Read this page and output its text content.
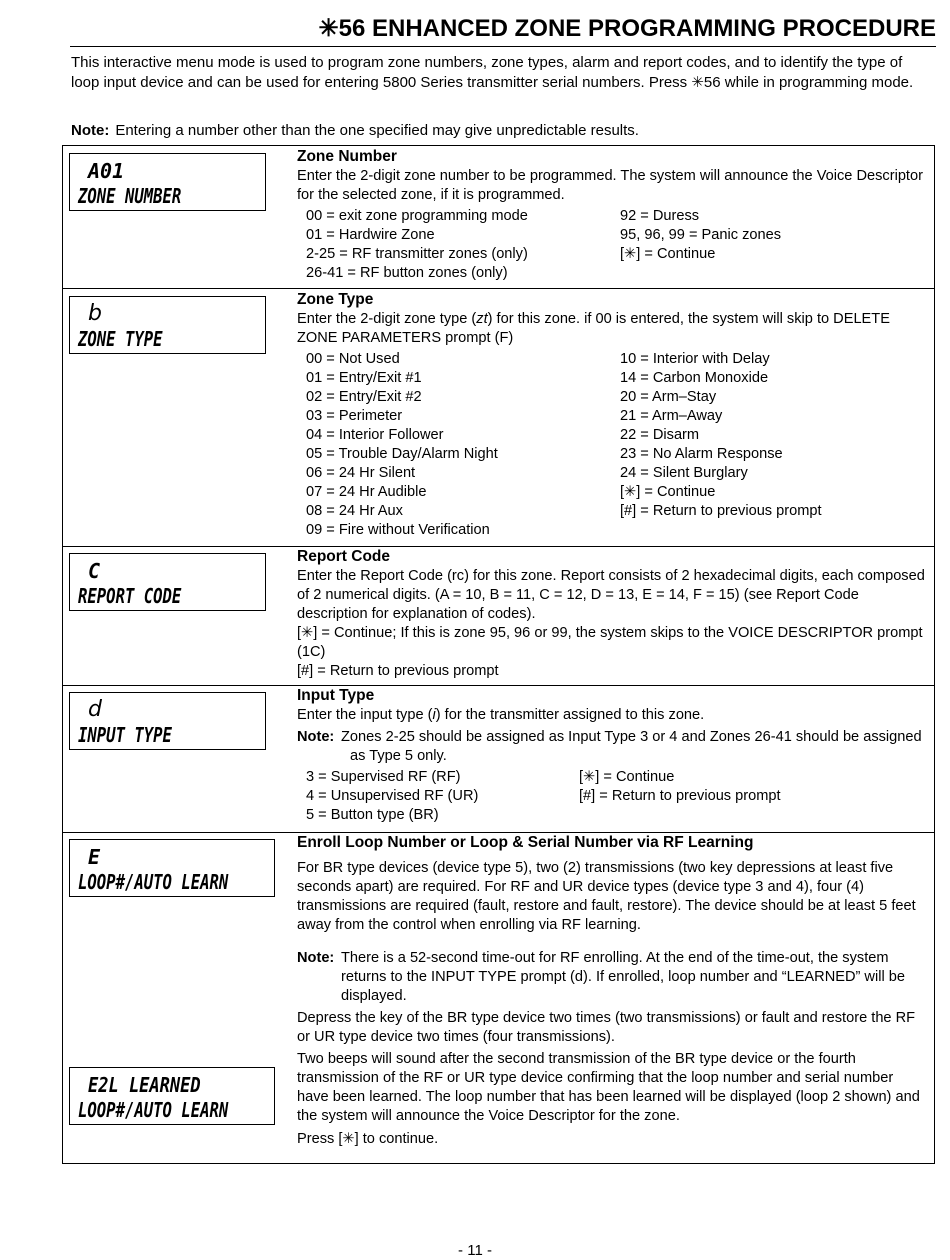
✳56 ENHANCED ZONE PROGRAMMING PROCEDURE
This interactive menu mode is used to program zone numbers, zone types, alarm and report codes, and to identify the type of loop input device and can be used for entering 5800 Series transmitter serial numbers. Press ✳56 while in programming mode.
Note: Entering a number other than the one specified may give unpredictable results.
A01
ZONE NUMBER
Zone Number

Enter the 2-digit zone number to be programmed. The system will announce the Voice Descriptor for the selected zone, if it is programmed.

00 = exit zone programming mode
01 = Hardwire Zone
2-25 = RF transmitter zones (only)
26-41 = RF button zones (only)
92 = Duress
95, 96, 99 = Panic zones
[✳] = Continue
b
ZONE TYPE
Zone Type

Enter the 2-digit zone type (zt) for this zone. if 00 is entered, the system will skip to DELETE ZONE PARAMETERS prompt (F)

00 = Not Used
01 = Entry/Exit #1
02 = Entry/Exit #2
03 = Perimeter
04 = Interior Follower
05 = Trouble Day/Alarm Night
06 = 24 Hr Silent
07 = 24 Hr Audible
08 = 24 Hr Aux
09 = Fire without Verification
10 = Interior with Delay
14 = Carbon Monoxide
20 = Arm–Stay
21 = Arm–Away
22 = Disarm
23 = No Alarm Response
24 = Silent Burglary
[✳] = Continue
[#] = Return to previous prompt
C
REPORT CODE
Report Code

Enter the Report Code (rc) for this zone. Report consists of 2 hexadecimal digits, each composed of 2 numerical digits. (A = 10, B = 11, C = 12, D = 13, E = 14, F = 15) (see Report Code description for explanation of codes).

[✳] = Continue; If this is zone 95, 96 or 99, the system skips to the VOICE DESCRIPTOR prompt (1C)

[#] = Return to previous prompt

d
INPUT TYPE
Input Type

Enter the input type (i) for the transmitter assigned to this zone.

Note: Zones 2-25 should be assigned as Input Type 3 or 4 and Zones 26-41 should be assigned as Type 5 only.
3 = Supervised RF (RF)
4 = Unsupervised RF (UR)
5 = Button type (BR)
[✳] = Continue
[#] = Return to previous prompt
E
LOOP#/AUTO LEARN
E2L LEARNED
LOOP#/AUTO LEARN
Enroll Loop Number or Loop & Serial Number via RF Learning

For BR type devices (device type 5), two (2) transmissions (two key depressions at least five seconds apart) are required. For RF and UR device types (device type 3 and 4), four (4) transmissions are required (fault, restore and fault, restore). The device should be at least 5 feet away from the control when enrolling via RF learning.

Note: There is a 52-second time-out for RF enrolling. At the end of the time-out, the system returns to the INPUT TYPE prompt (d). If enrolled, loop number and “LEARNED” will be displayed.

Depress the key of the BR type device two times (two transmissions) or fault and restore the RF or UR type device two times (four transmissions).

Two beeps will sound after the second transmission of the BR type device or the fourth transmission of the RF or UR type device confirming that the loop number and serial number have been learned. The loop number that has been learned will be displayed (loop 2 shown) and the system will announce the Voice Descriptor for the zone.

Press [✳] to continue.

- 11 -
